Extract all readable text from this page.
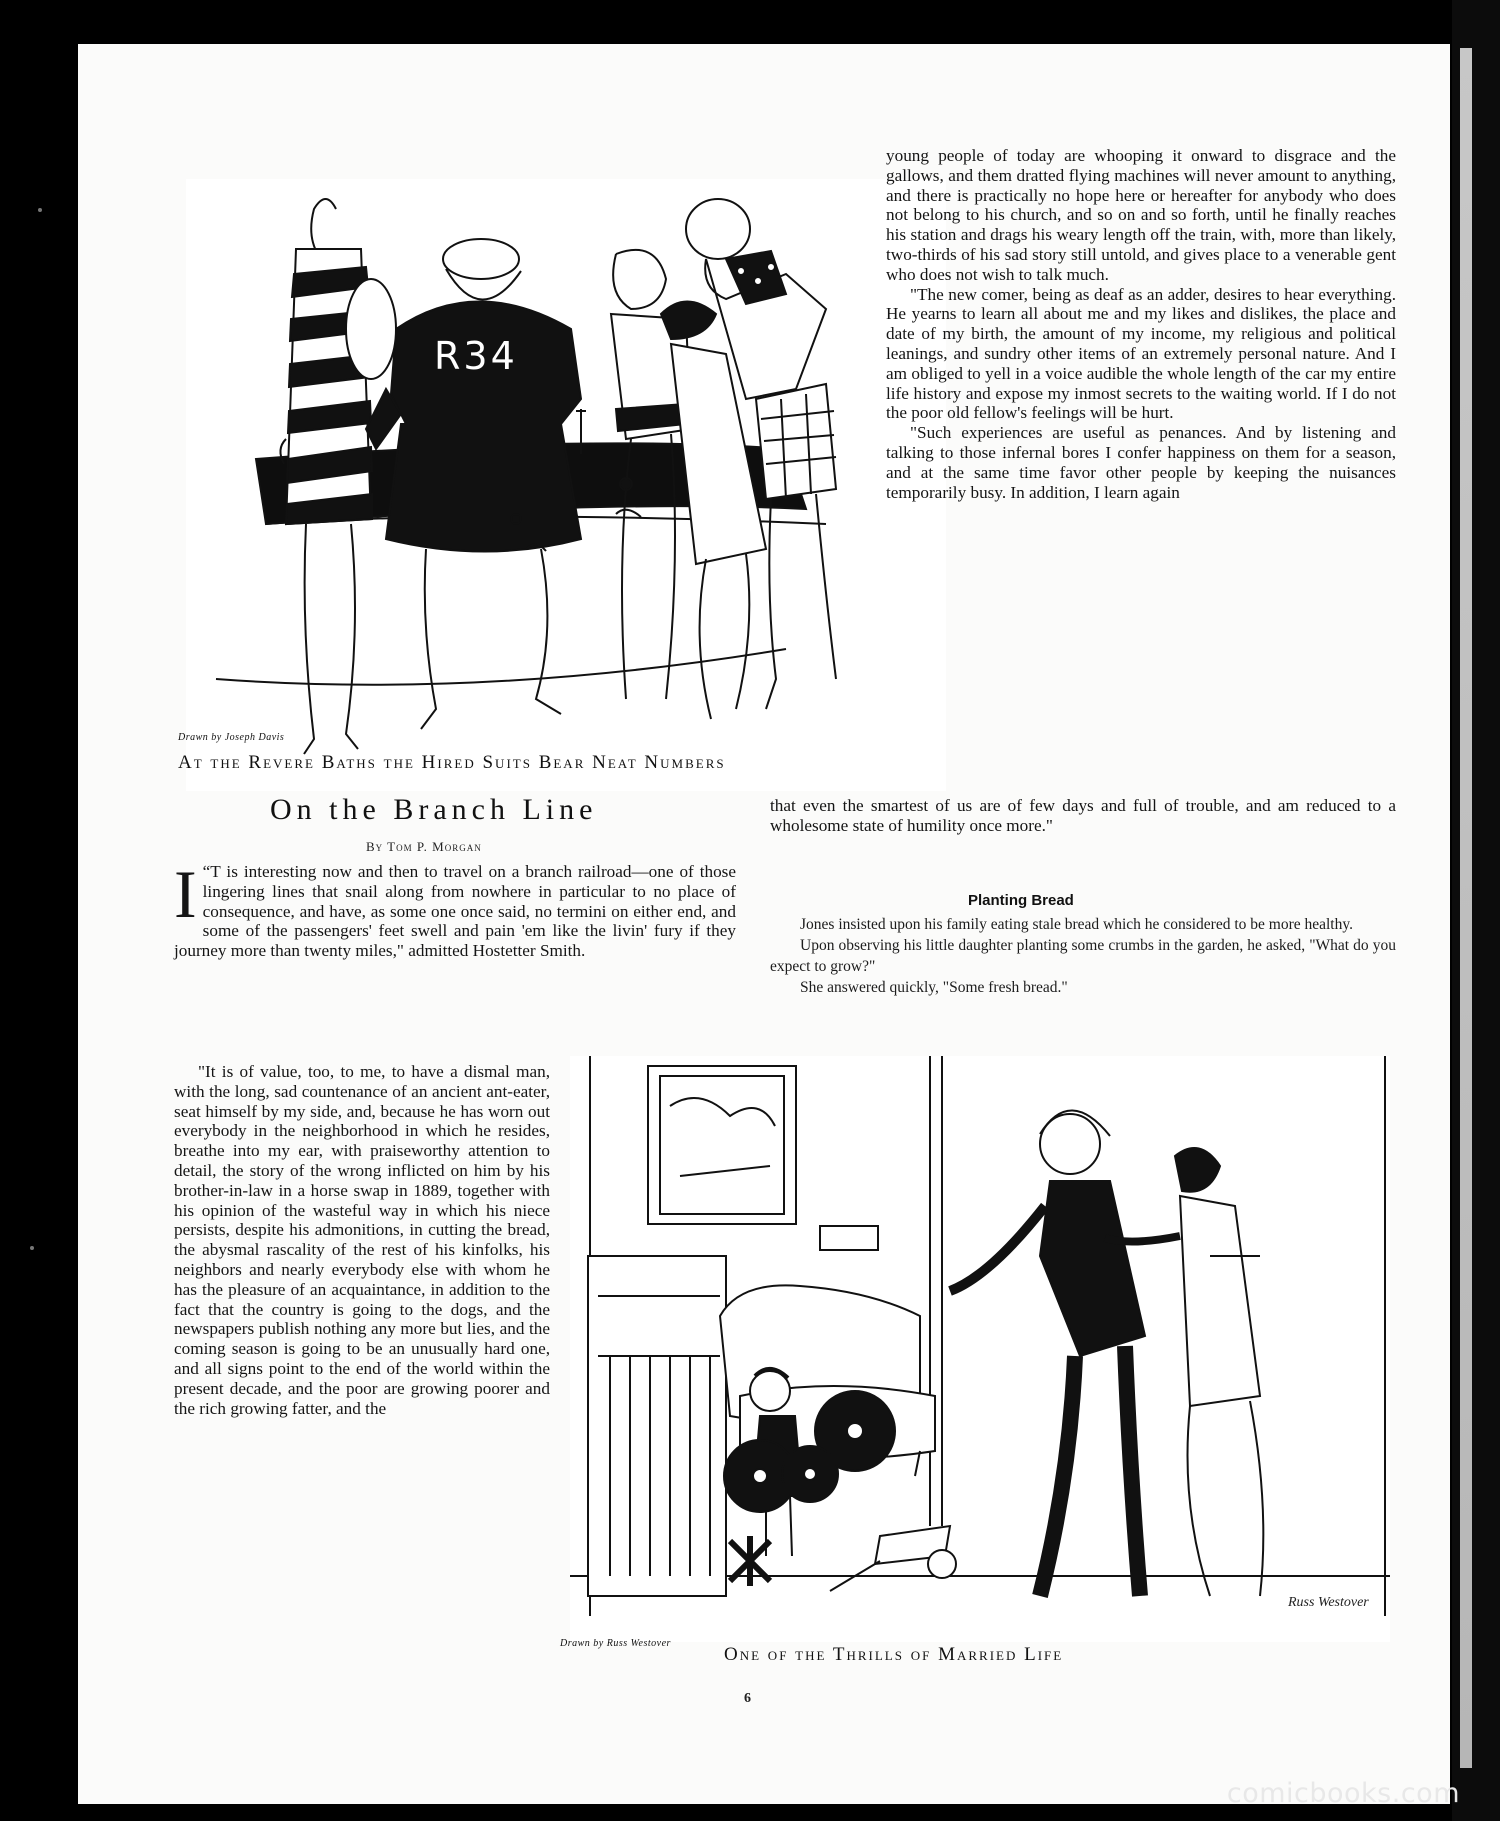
R34
Drawn by Joseph Davis
At the Revere Baths the Hired Suits Bear Neat Numbers
On the Branch Line
By Tom P. Morgan

“
I T is interesting now and then to travel on a branch railroad—one of those lingering lines that snail along from nowhere in particular to no place of consequence, and have, as some one once said, no termini on either end, and some of the passengers' feet swell and pain 'em like the livin' fury if they journey more than twenty miles," admitted Hostetter Smith.

"It is of value, too, to me, to have a dismal man, with the long, sad countenance of an ancient ant-eater, seat himself by my side, and, because he has worn out everybody in the neighborhood in which he resides, breathe into my ear, with praiseworthy attention to detail, the story of the wrong inflicted on him by his brother-in-law in a horse swap in 1889, together with his opinion of the wasteful way in which his niece persists, despite his admonitions, in cutting the bread, the abysmal rascality of the rest of his kinfolks, his neighbors and nearly everybody else with whom he has the pleasure of an acquaintance, in addition to the fact that the country is going to the dogs, and the newspapers publish nothing any more but lies, and the coming season is going to be an unusually hard one, and all signs point to the end of the world within the present decade, and the poor are growing poorer and the rich growing fatter, and the

young people of today are whooping it onward to disgrace and the gallows, and them dratted flying machines will never amount to anything, and there is practically no hope here or hereafter for anybody who does not belong to his church, and so on and so forth, until he finally reaches his station and drags his weary length off the train, with, more than likely, two-thirds of his sad story still untold, and gives place to a venerable gent who does not wish to talk much.

"The new comer, being as deaf as an adder, desires to hear everything. He yearns to learn all about me and my likes and dislikes, the place and date of my birth, the amount of my income, my religious and political leanings, and sundry other items of an extremely personal nature. And I am obliged to yell in a voice audible the whole length of the car my entire life history and expose my inmost secrets to the waiting world. If I do not the poor old fellow's feelings will be hurt.

"Such experiences are useful as penances. And by listening and talking to those infernal bores I confer happiness on them for a season, and at the same time favor other people by keeping the nuisances temporarily busy. In addition, I learn again

that even the smartest of us are of few days and full of trouble, and am reduced to a wholesome state of humility once more."

Planting Bread

Jones insisted upon his family eating stale bread which he considered to be more healthy.

Upon observing his little daughter planting some crumbs in the garden, he asked, "What do you expect to grow?"

She answered quickly, "Some fresh bread."

Russ Westover
Drawn by Russ Westover
One of the Thrills of Married Life
6
comicbooks.com
